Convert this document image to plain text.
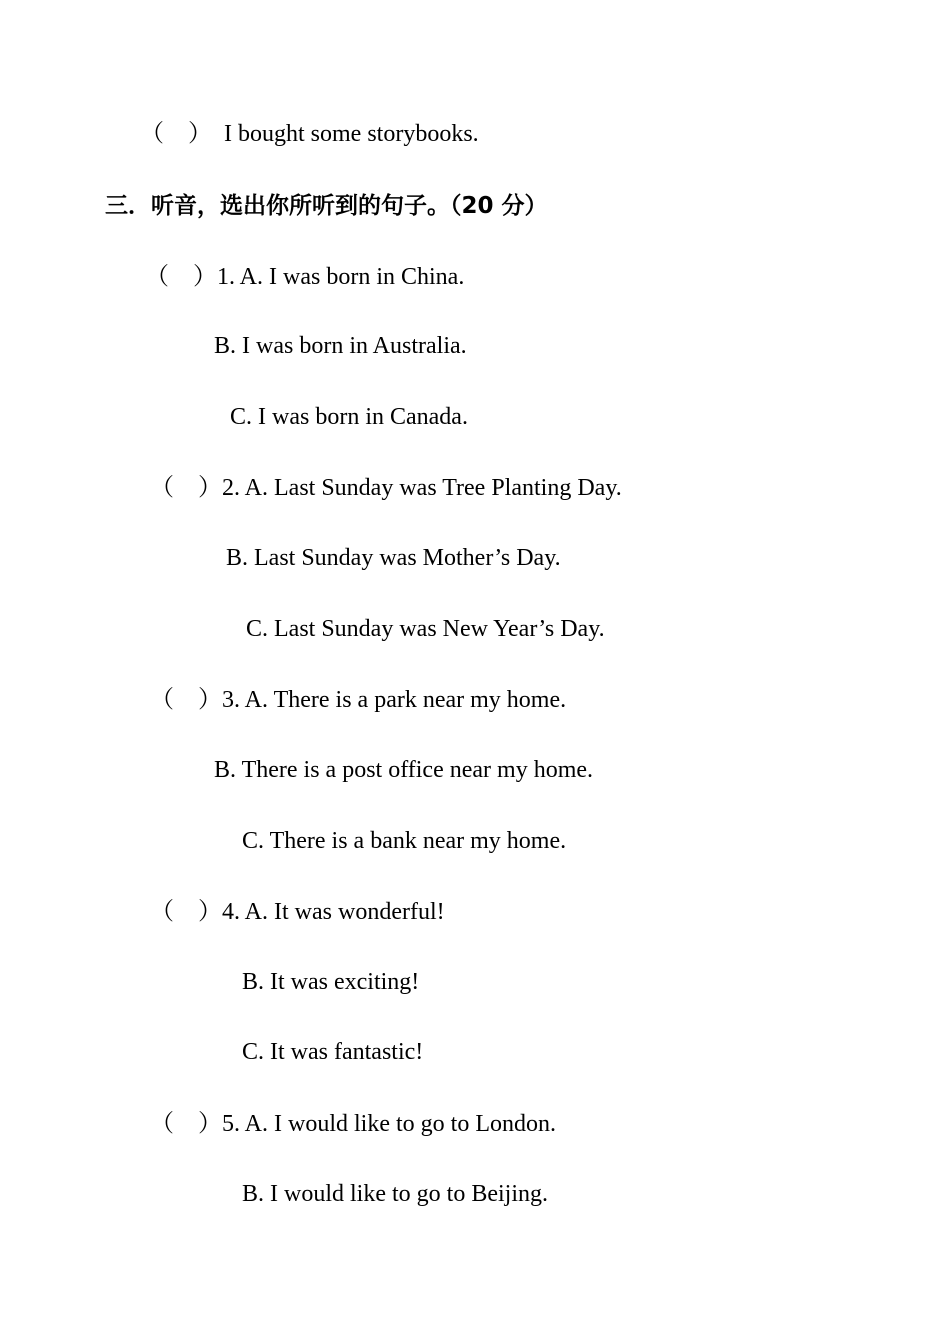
（　） I bought some storybooks.
三．听音，选出你所听到的句子。（20 分）
（　）1. A. I was born in China.
B. I was born in Australia.
C. I was born in Canada.
（　）2. A. Last Sunday was Tree Planting Day.
B. Last Sunday was Mother’s Day.
C. Last Sunday was New Year’s Day.
（　）3. A. There is a park near my home.
B. There is a post office near my home.
C. There is a bank near my home.
（　）4. A. It was wonderful!
B. It was exciting!
C. It was fantastic!
（　）5. A. I would like to go to London.
B. I would like to go to Beijing.
